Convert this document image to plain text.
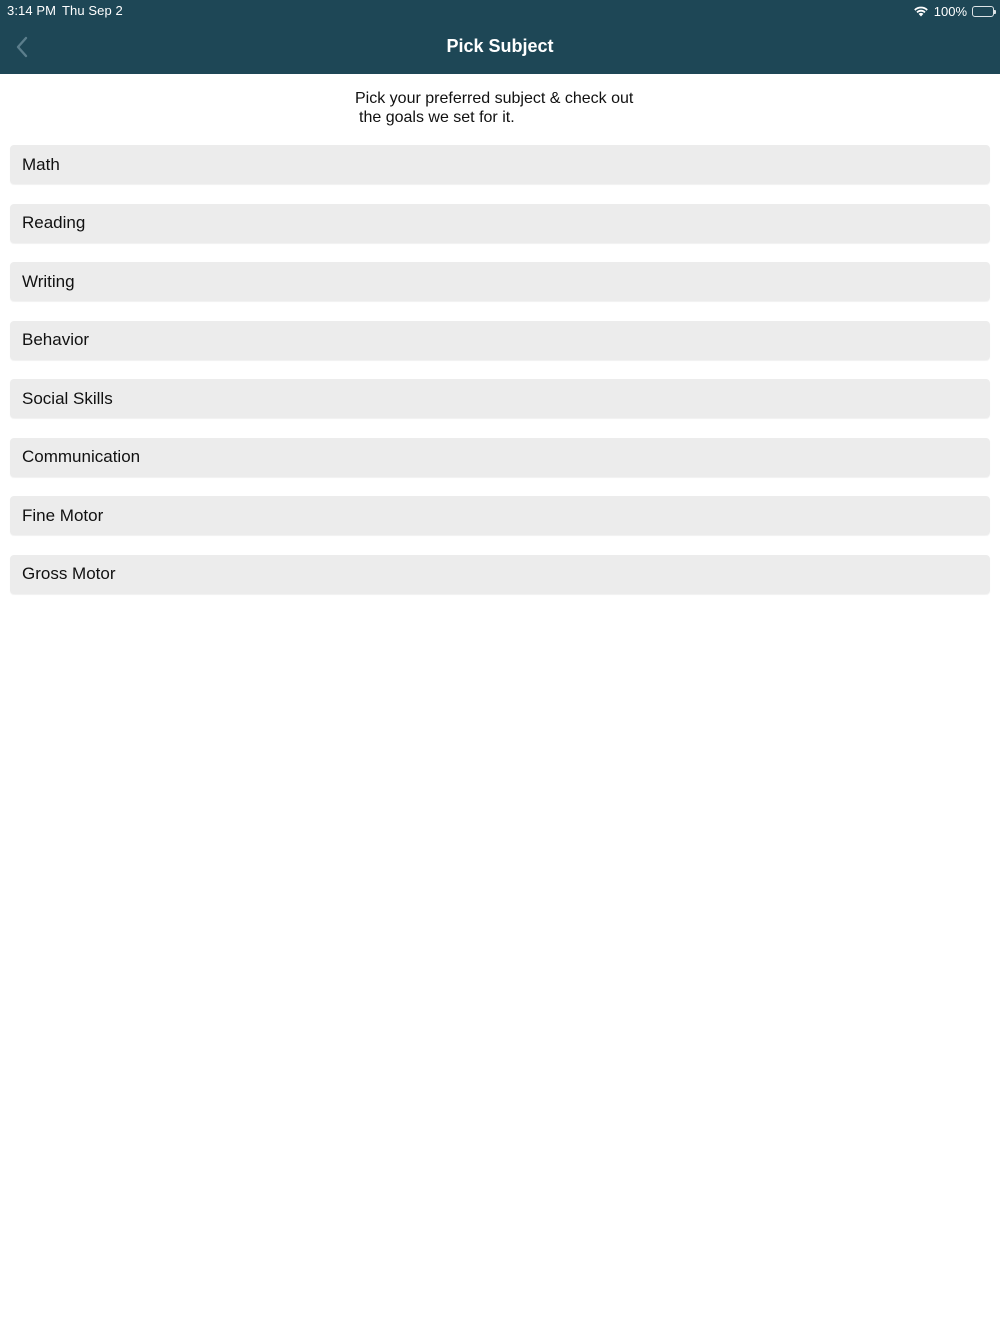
3:14 PM Thu Sep 2	100%
Pick Subject
Pick your preferred subject & check out
the goals we set for it.
Math
Reading
Writing
Behavior
Social Skills
Communication
Fine Motor
Gross Motor
